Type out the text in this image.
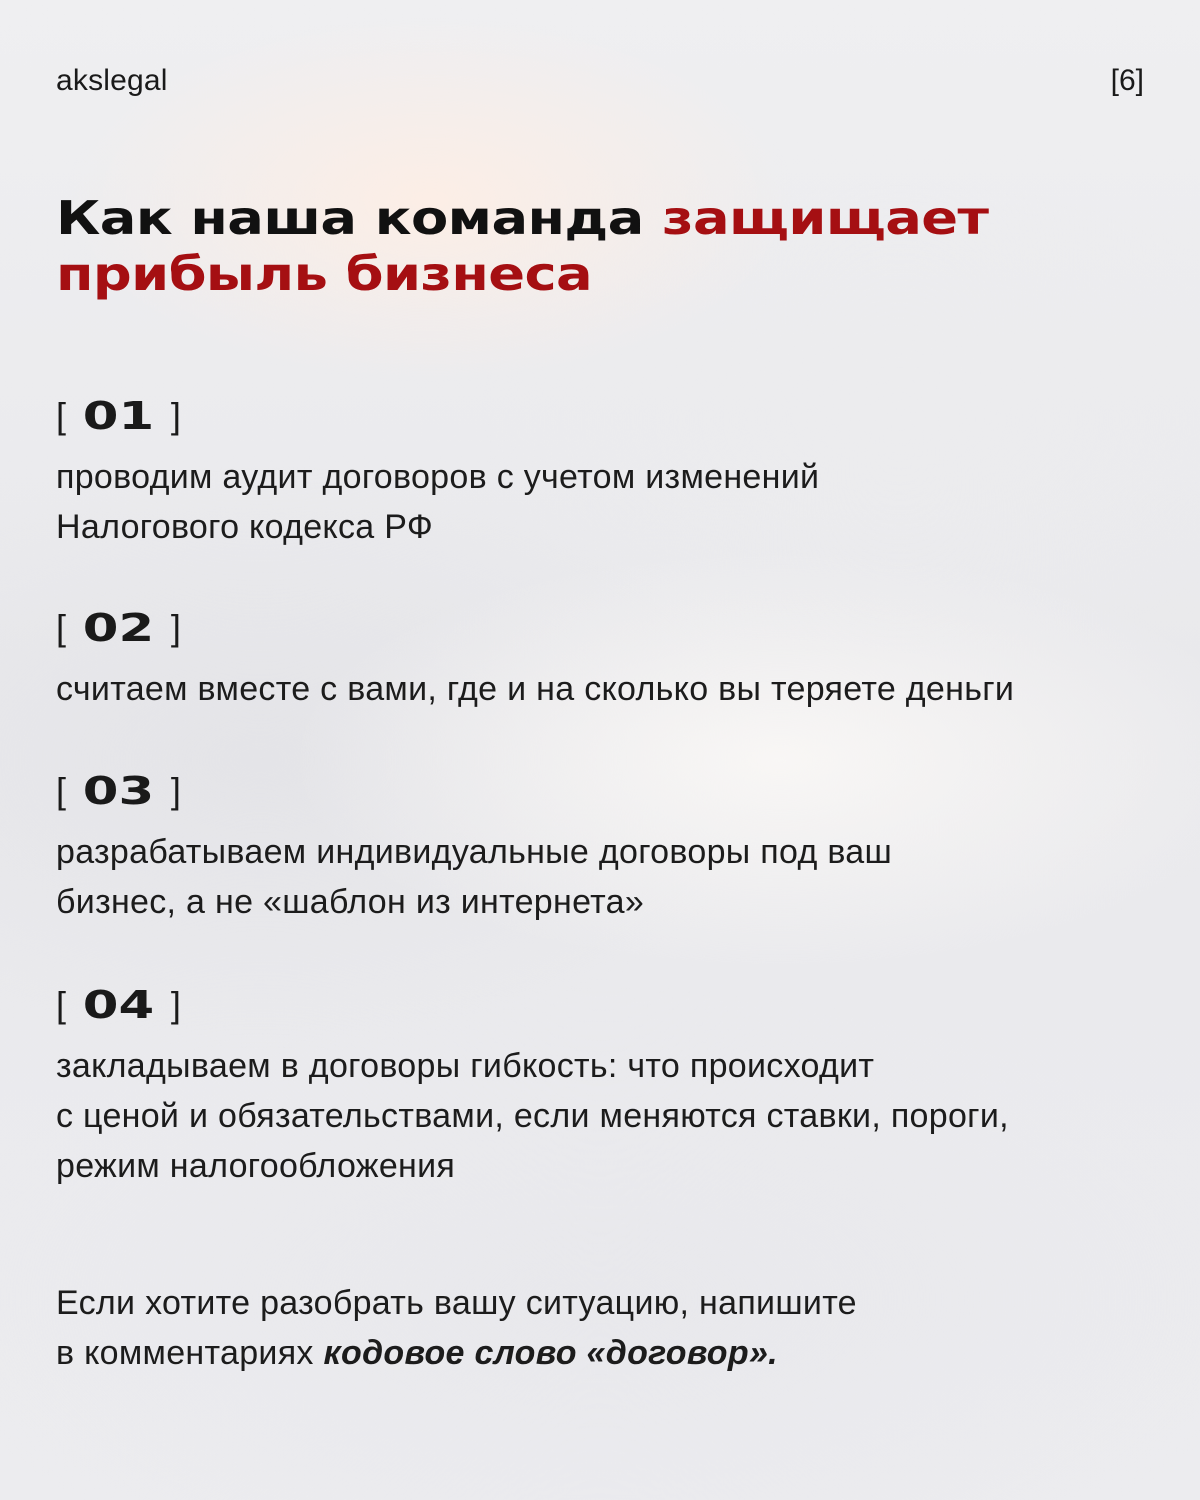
akslegal	[6]
Как наша команда защищает
прибыль бизнеса
[ 01 ]
проводим аудит договоров с учетом изменений
Налогового кодекса РФ
[ 02 ]
считаем вместе с вами, где и на сколько вы теряете деньги
[ 03 ]
разрабатываем индивидуальные договоры под ваш
бизнес, а не «шаблон из интернета»
[ 04 ]
закладываем в договоры гибкость: что происходит
с ценой и обязательствами, если меняются ставки, пороги,
режим налогообложения
Если хотите разобрать вашу ситуацию, напишите
в комментариях кодовое слово «договор».
